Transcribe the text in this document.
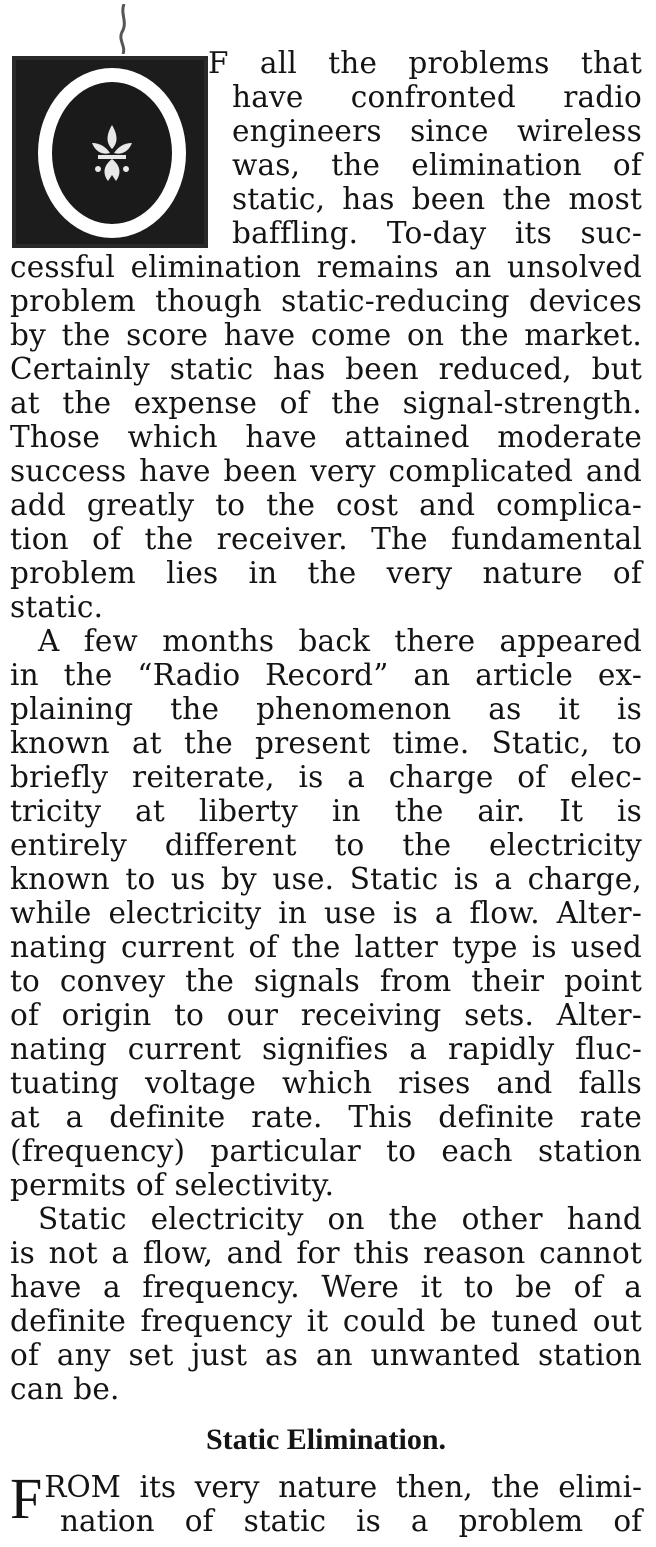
F all the problems that
have confronted radio
engineers since wireless
was, the elimination of
static, has been the most
baffling. To-day its suc-
cessful elimination remains an unsolved
problem though static-reducing devices
by the score have come on the market.
Certainly static has been reduced, but
at the expense of the signal-strength.
Those which have attained moderate
success have been very complicated and
add greatly to the cost and complica-
tion of the receiver. The fundamental
problem lies in the very nature of
static.
A few months back there appeared
in the “Radio Record” an article ex-
plaining the phenomenon as it is
known at the present time. Static, to
briefly reiterate, is a charge of elec-
tricity at liberty in the air. It is
entirely different to the electricity
known to us by use. Static is a charge,
while electricity in use is a flow. Alter-
nating current of the latter type is used
to convey the signals from their point
of origin to our receiving sets. Alter-
nating current signifies a rapidly fluc-
tuating voltage which rises and falls
at a definite rate. This definite rate
(frequency) particular to each station
permits of selectivity.
Static electricity on the other hand
is not a flow, and for this reason cannot
have a frequency. Were it to be of a
definite frequency it could be tuned out
of any set just as an unwanted station
can be.
Static Elimination.
F ROM its very nature then, the elimi-
nation of static is a problem of
